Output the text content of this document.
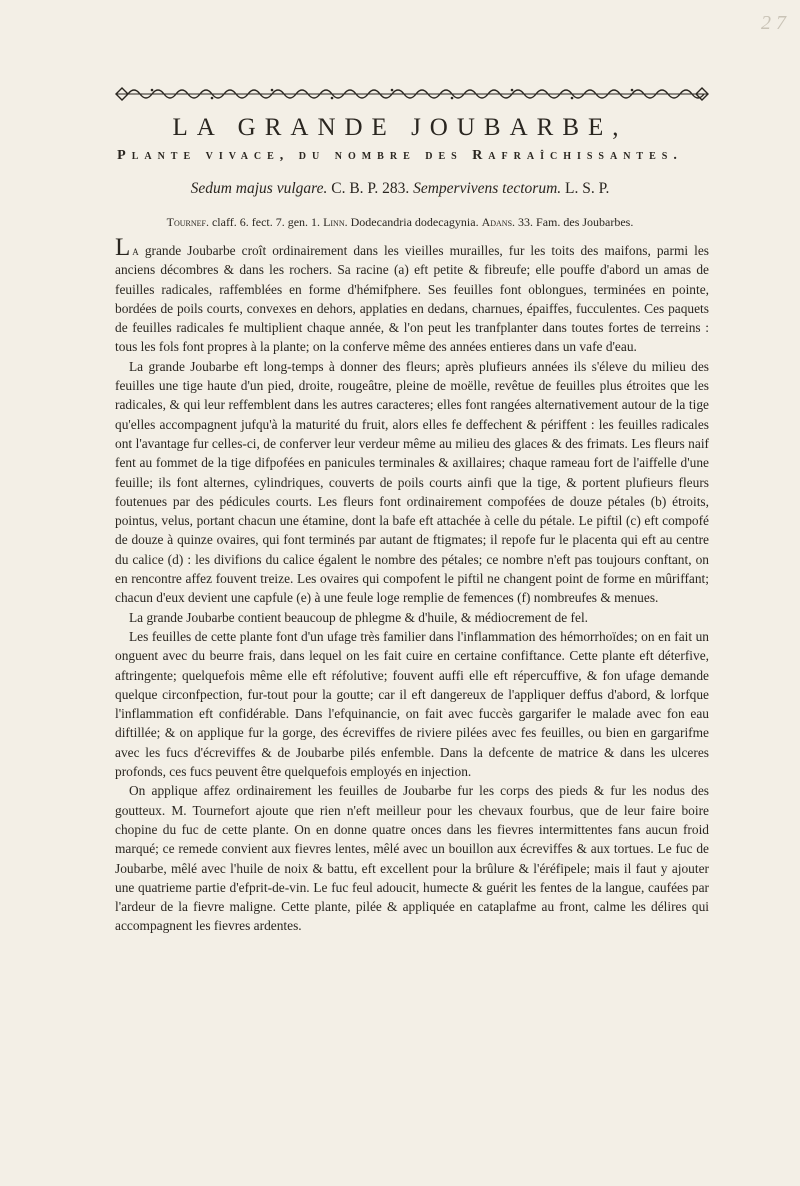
2 7
LA GRANDE JOUBARBE,
Plante vivace, du nombre des Rafraîchissantes.
Sedum majus vulgare. C. B. P. 283. Sempervivens tectorum. L. S. P.
Tournef. claff. 6. fect. 7. gen. 1. Linn. Dodecandria dodecagynia. Adans. 33. Fam. des Joubarbes.

La grande Joubarbe croît ordinairement dans les vieilles murailles, fur les toits des maifons, parmi les anciens décombres & dans les rochers. Sa racine (a) eft petite & fibreufe; elle pouffe d'abord un amas de feuilles radicales, raffemblées en forme d'hémifphere. Ses feuilles font oblongues, terminées en pointe, bordées de poils courts, convexes en dehors, applaties en dedans, charnues, épaiffes, fucculentes. Ces paquets de feuilles radicales fe multiplient chaque année, & l'on peut les tranfplanter dans toutes fortes de terreins : tous les fols font propres à la plante; on la conferve même des années entieres dans un vafe d'eau.

La grande Joubarbe eft long-temps à donner des fleurs; après plufieurs années ils s'éleve du milieu des feuilles une tige haute d'un pied, droite, rougeâtre, pleine de moëlle, revêtue de feuilles plus étroites que les radicales, & qui leur reffemblent dans les autres caracteres; elles font rangées alternativement autour de la tige qu'elles accompagnent jufqu'à la maturité du fruit, alors elles fe deffechent & périffent : les feuilles radicales ont l'avantage fur celles-ci, de conferver leur verdeur même au milieu des glaces & des frimats. Les fleurs naif fent au fommet de la tige difpofées en panicules terminales & axillaires; chaque rameau fort de l'aiffelle d'une feuille; ils font alternes, cylindriques, couverts de poils courts ainfi que la tige, & portent plufieurs fleurs foutenues par des pédicules courts. Les fleurs font ordinairement compofées de douze pétales (b) étroits, pointus, velus, portant chacun une étamine, dont la bafe eft attachée à celle du pétale. Le piftil (c) eft compofé de douze à quinze ovaires, qui font terminés par autant de ftigmates; il repofe fur le placenta qui eft au centre du calice (d) : les divifions du calice égalent le nombre des pétales; ce nombre n'eft pas toujours conftant, on en rencontre affez fouvent treize. Les ovaires qui compofent le piftil ne changent point de forme en mûriffant; chacun d'eux devient une capfule (e) à une feule loge remplie de femences (f) nombreufes & menues.

La grande Joubarbe contient beaucoup de phlegme & d'huile, & médiocrement de fel.

Les feuilles de cette plante font d'un ufage très familier dans l'inflammation des hémorrhoïdes; on en fait un onguent avec du beurre frais, dans lequel on les fait cuire en certaine confiftance. Cette plante eft déterfive, aftringente; quelquefois même elle eft réfolutive; fouvent auffi elle eft répercuffive, & fon ufage demande quelque circonfpection, fur-tout pour la goutte; car il eft dangereux de l'appliquer deffus d'abord, & lorfque l'inflammation eft confidérable. Dans l'efquinancie, on fait avec fuccès gargarifer le malade avec fon eau diftillée; & on applique fur la gorge, des écreviffes de riviere pilées avec fes feuilles, ou bien en gargarifme avec les fucs d'écreviffes & de Joubarbe pilés enfemble. Dans la defcente de matrice & dans les ulceres profonds, ces fucs peuvent être quelquefois employés en injection.

On applique affez ordinairement les feuilles de Joubarbe fur les corps des pieds & fur les nodus des goutteux. M. Tournefort ajoute que rien n'eft meilleur pour les chevaux fourbus, que de leur faire boire chopine du fuc de cette plante. On en donne quatre onces dans les fievres intermittentes fans aucun froid marqué; ce remede convient aux fievres lentes, mêlé avec un bouillon aux écreviffes & aux tortues. Le fuc de Joubarbe, mêlé avec l'huile de noix & battu, eft excellent pour la brûlure & l'éréfipele; mais il faut y ajouter une quatrieme partie d'efprit-de-vin. Le fuc feul adoucit, humecte & guérit les fentes de la langue, caufées par l'ardeur de la fievre maligne. Cette plante, pilée & appliquée en cataplafme au front, calme les délires qui accompagnent les fievres ardentes.
